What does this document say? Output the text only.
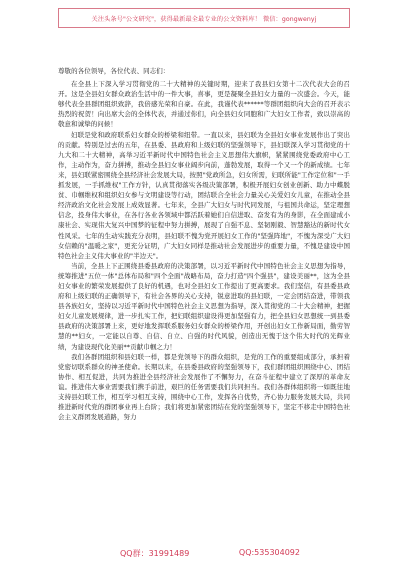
关注头条号"公文研究"，获得最新最全最专业的公文资料库！ 微信：gongwenyj

尊敬的各位领导，各位代表、同志们：

在全县上下深入学习贯彻党的二十大精神的关键时期，迎来了我县妇女第十二次代表大会的召开。这是全县妇女群众政治生活中的一件大事，喜事，更是凝聚全县妇女力量的一次盛会。今天，能够代表全县群团组织致辞，我倍感光荣和自豪。在此，我谨代表******等群团组织向大会的召开表示热烈的祝贺！向出席大会的全体代表，并通过你们，向全县妇女同胞和广大妇女工作者，致以崇高的敬意和诚挚的问候！

妇联是党和政府联系妇女群众的桥梁和纽带。一直以来，县妇联为全县妇女事业发展作出了突出的贡献。特别是过去的五年，在县委、县政府和上级妇联的坚强领导下，县妇联深入学习贯彻党的十九大和二十大精神，高举习近平新时代中国特色社会主义思想伟大旗帜，紧紧围绕党委政府中心工作，主动作为，奋力拼搏，推动全县妇女事业阔步向前，蓬勃发展，取得一个又一个的新成绩。七年来，县妇联紧密围绕全县经济社会发展大局，按照"党政所急，妇女所需，妇联所能"工作定位和"一手抓发展，一手抓维权"工作方针，认真贯彻落实各级决策部署，积极开展妇女创业创新、助力中蝶脱贫、巾帼维权和组织妇女参与文明建设等行动，团结联合全社会力量关心关爱妇女儿童，在推动全县经济政治文化社会发展上成效显著。七年来，全县广大妇女与时代同发展，与祖国共命运，坚定理想信念，投身伟大事业，在各行各业各领域中都活跃着她们自信进取、奋发有为的身影，在全面建成小康社会、实现伟大复兴中国梦的征程中努力拼搏，展现了自强不息、坚韧刚毅、智慧豁达的新时代女性风采。七年的生动实践充分表明，县妇联不愧为党开展妇女工作的"坚强阵地"，不愧为深受广大妇女信赖的"温暖之家"，更充分证明，广大妇女同样是推动社会发展进步的重要力量，不愧是建设中国特色社会主义伟大事业的"半边天"。

当前，全县上下正围绕县委县政府的决策部署，以习近平新时代中国特色社会主义思想为指导，统筹推进"五位一体"总体布局和"四个全面"战略布局，奋力打造"四个强县"，建设美丽**，这为全县妇女事业的繁荣发展提供了良好的机遇，也对全县妇女工作提出了更高要求。我们坚信，有县委县政府和上级妇联的正确领导下，有社会各界的关心支持，锐意进取的县妇联，一定会团结奋进，带领我县各族妇女，坚持以习近平新时代中国特色社会主义思想为指导，深入贯彻党的二十大会精神，把握妇女儿童发展规律，进一步扎实工作，把妇联组织建设得更加坚强有力，把全县妇女思想统一到县委县政府的决策部署上来，更好地发挥联系服务妇女群众的桥梁作用，开创出妇女工作新局面，勤劳智慧的**妇女，一定能以自尊、自信、自立、自强的时代风貌，创造出无愧于这个伟大时代的光辉业绩，为建设现代化美丽**贡献巾帼之力！

我们各群团组织和县妇联一样，都是党领导下的群众组织，是党的工作的重要组成部分，承担着党密切联系群众的神圣使命。长期以来，在县委县政府的坚强领导下，我们群团组织围绕中心、团结协作、相互促进，共同为推进全县经济社会发展作了不懈努力，在奋斗征程中建立了深厚的革命友谊。推进伟大事业需要我们携手前进，艰巨的任务需要我们共同担当。我们各群体组织将一如既往地支持县妇联工作，相互学习相互支持，围绕中心工作，发挥各自优势，齐心协力服务发展大局，共同推进新时代党的群团事业再上台阶；我们将更加紧密团结在党的坚强领导下，坚定不移走中国特色社会主义群团发展道路，努力

QQ群：31991489	QQ:535304092
